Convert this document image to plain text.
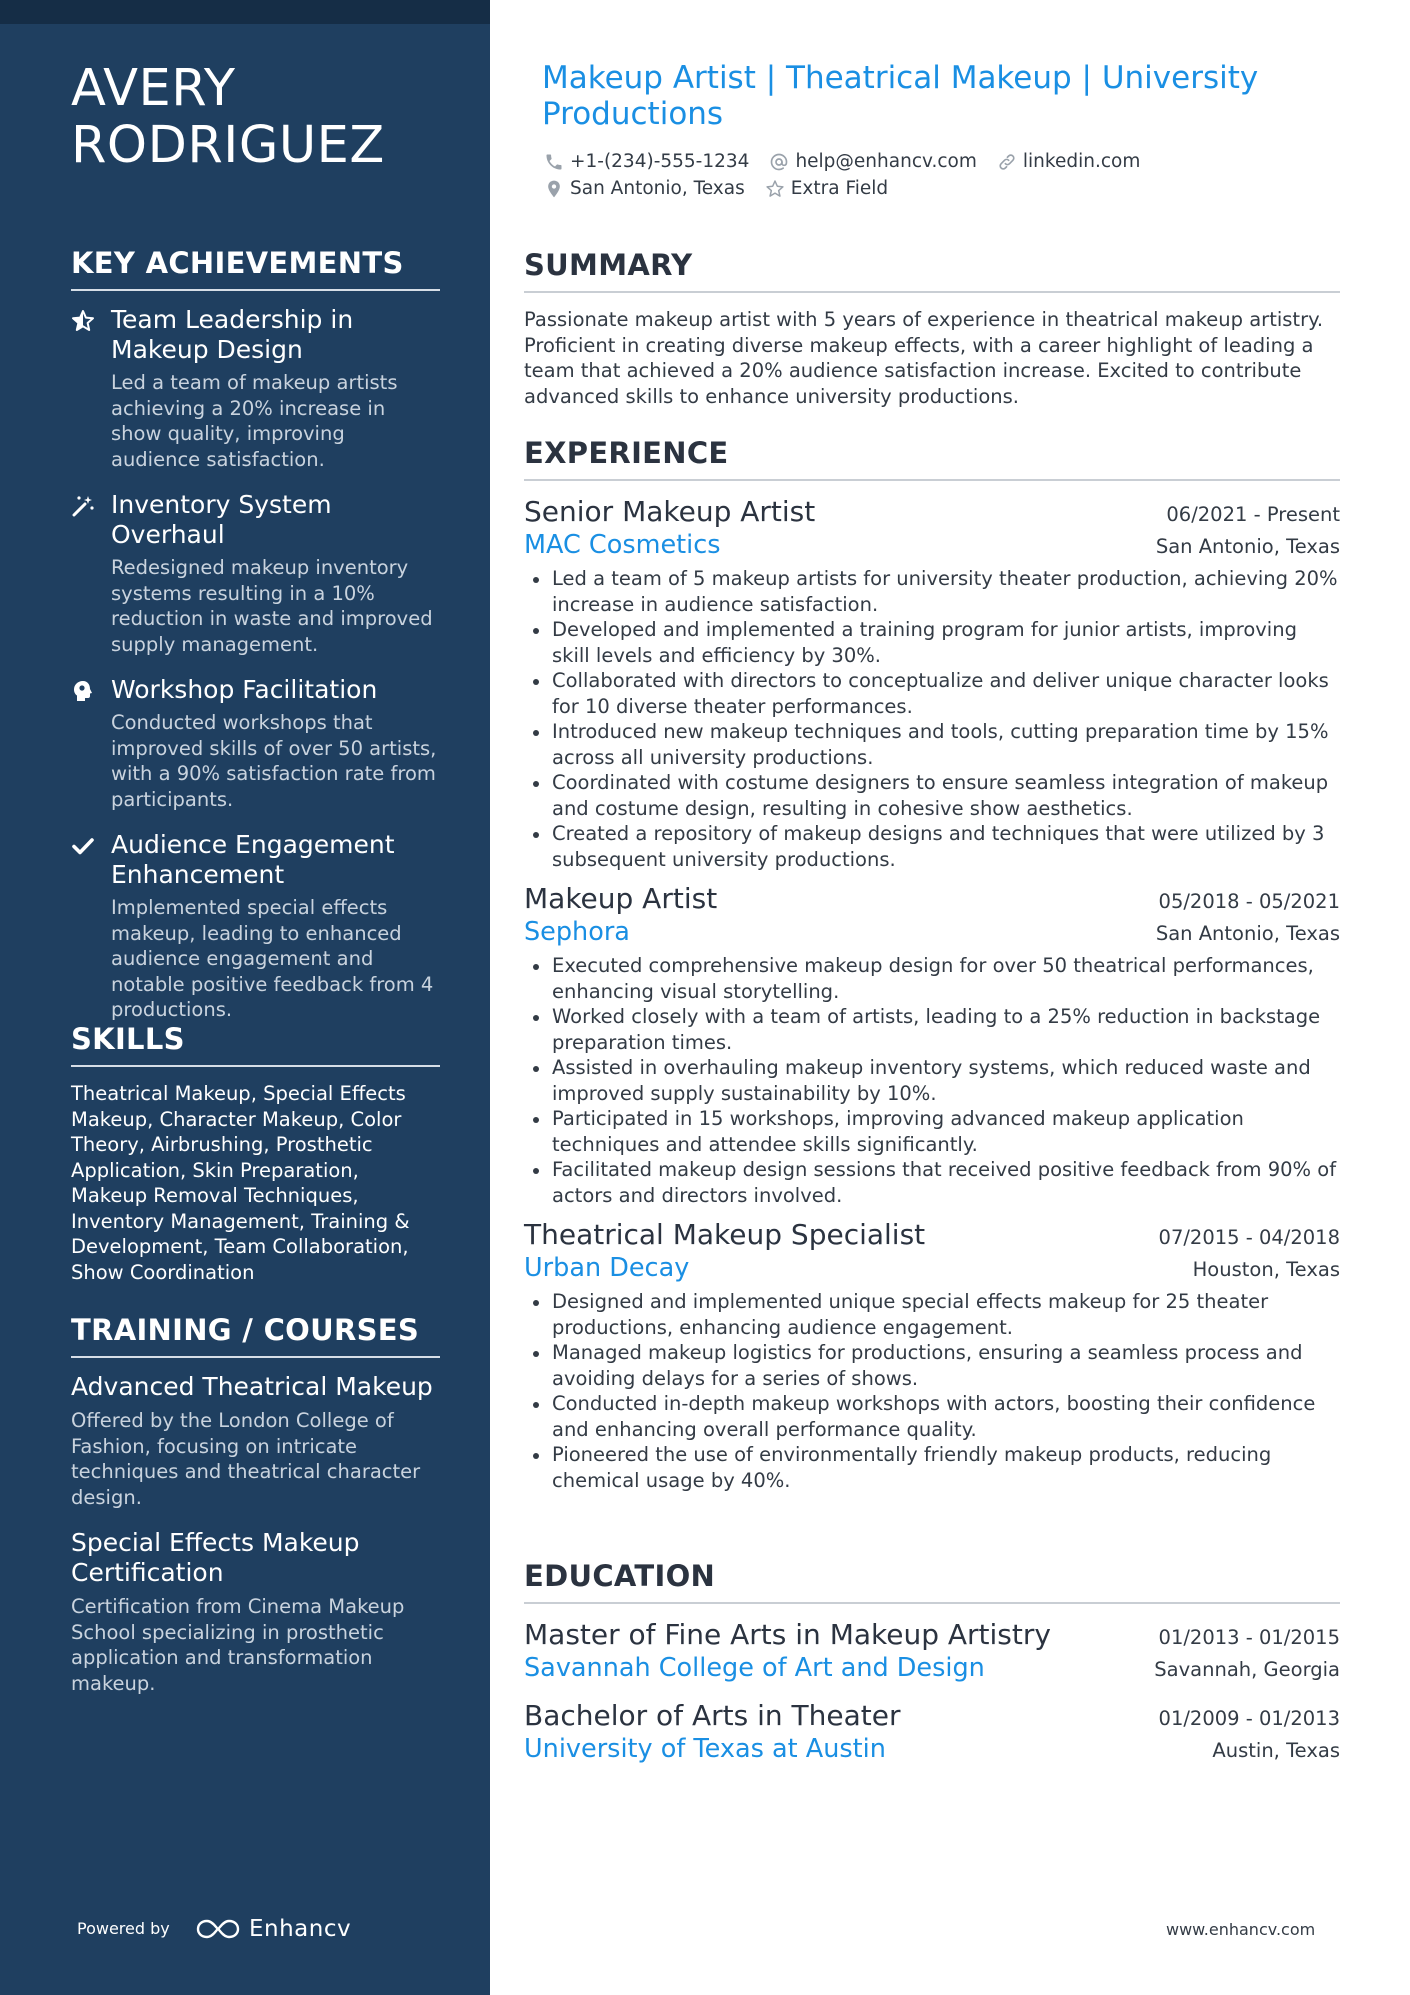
AVERY RODRIGUEZ
KEY ACHIEVEMENTS
Team Leadership in Makeup Design
Led a team of makeup artists achieving a 20% increase in show quality, improving audience satisfaction.
Inventory System Overhaul
Redesigned makeup inventory systems resulting in a 10% reduction in waste and improved supply management.
Workshop Facilitation
Conducted workshops that improved skills of over 50 artists, with a 90% satisfaction rate from participants.
Audience Engagement Enhancement
Implemented special effects makeup, leading to enhanced audience engagement and notable positive feedback from 4 productions.
SKILLS

Theatrical Makeup, Special Effects Makeup, Character Makeup, Color Theory, Airbrushing, Prosthetic Application, Skin Preparation, Makeup Removal Techniques, Inventory Management, Training & Development, Team Collaboration, Show Coordination

TRAINING / COURSES
Advanced Theatrical Makeup
Offered by the London College of Fashion, focusing on intricate techniques and theatrical character design.
Special Effects Makeup Certification
Certification from Cinema Makeup School specializing in prosthetic application and transformation makeup.
Powered by	Enhancv
Makeup Artist | Theatrical Makeup | University Productions
+1-(234)-555-1234 help@enhancv.com linkedin.com
San Antonio, Texas Extra Field
SUMMARY

Passionate makeup artist with 5 years of experience in theatrical makeup artistry. Proficient in creating diverse makeup effects, with a career highlight of leading a team that achieved a 20% audience satisfaction increase. Excited to contribute advanced skills to enhance university productions.

EXPERIENCE
Senior Makeup Artist	06/2021 - Present
MAC Cosmetics	San Antonio, Texas
Led a team of 5 makeup artists for university theater production, achieving 20% increase in audience satisfaction.
Developed and implemented a training program for junior artists, improving skill levels and efficiency by 30%.
Collaborated with directors to conceptualize and deliver unique character looks for 10 diverse theater performances.
Introduced new makeup techniques and tools, cutting preparation time by 15% across all university productions.
Coordinated with costume designers to ensure seamless integration of makeup and costume design, resulting in cohesive show aesthetics.
Created a repository of makeup designs and techniques that were utilized by 3 subsequent university productions.
Makeup Artist	05/2018 - 05/2021
Sephora	San Antonio, Texas
Executed comprehensive makeup design for over 50 theatrical performances, enhancing visual storytelling.
Worked closely with a team of artists, leading to a 25% reduction in backstage preparation times.
Assisted in overhauling makeup inventory systems, which reduced waste and improved supply sustainability by 10%.
Participated in 15 workshops, improving advanced makeup application techniques and attendee skills significantly.
Facilitated makeup design sessions that received positive feedback from 90% of actors and directors involved.
Theatrical Makeup Specialist	07/2015 - 04/2018
Urban Decay	Houston, Texas
Designed and implemented unique special effects makeup for 25 theater productions, enhancing audience engagement.
Managed makeup logistics for productions, ensuring a seamless process and avoiding delays for a series of shows.
Conducted in-depth makeup workshops with actors, boosting their confidence and enhancing overall performance quality.
Pioneered the use of environmentally friendly makeup products, reducing chemical usage by 40%.
EDUCATION
Master of Fine Arts in Makeup Artistry	01/2013 - 01/2015
Savannah College of Art and Design	Savannah, Georgia
Bachelor of Arts in Theater	01/2009 - 01/2013
University of Texas at Austin	Austin, Texas
www.enhancv.com
